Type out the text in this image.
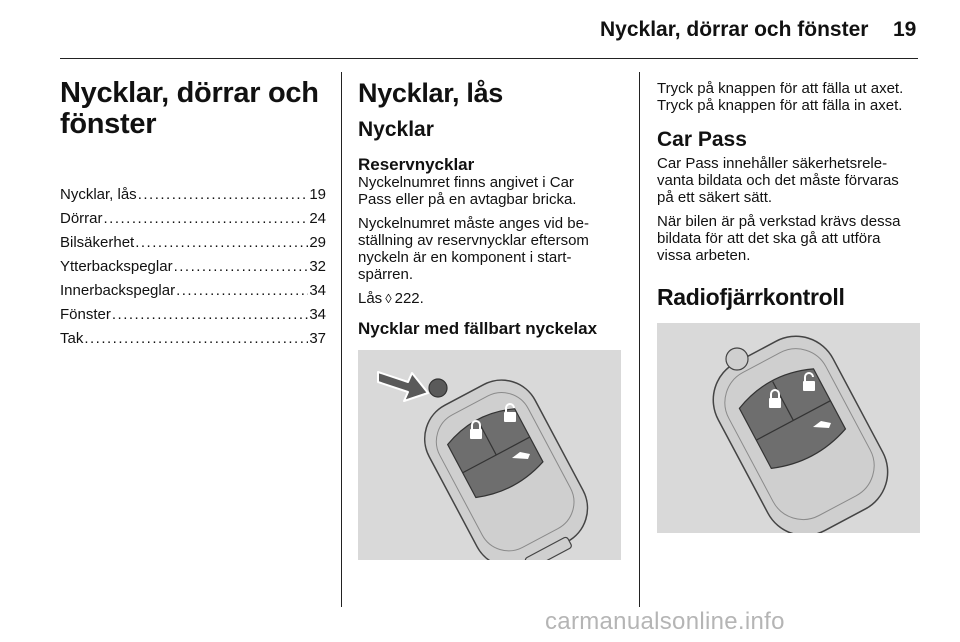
Nycklar, dörrar och fönster 19
Nycklar, dörrar och
fönster
Nycklar, lås .....	19
Dörrar .....	24
Bilsäkerhet .....	29
Ytterbackspeglar .....	32
Innerbackspeglar .....	34
Fönster .....	34
Tak .....	37
Nycklar, lås
Nycklar
Reservnycklar
Nyckelnumret finns angivet i Car
Pass eller på en avtagbar bricka.
Nyckelnumret måste anges vid be-
ställning av reservnycklar eftersom
nyckeln är en komponent i start-
spärren.
Lås ◊ 222.
Nycklar med fällbart nyckelax
Tryck på knappen för att fälla ut axet.
Tryck på knappen för att fälla in axet.
Car Pass
Car Pass innehåller säkerhetsrele-
vanta bildata och det måste förvaras
på ett säkert sätt.
När bilen är på verkstad krävs dessa
bildata för att det ska gå att utföra
vissa arbeten.
Radiofjärrkontroll
carmanualsonline.info
